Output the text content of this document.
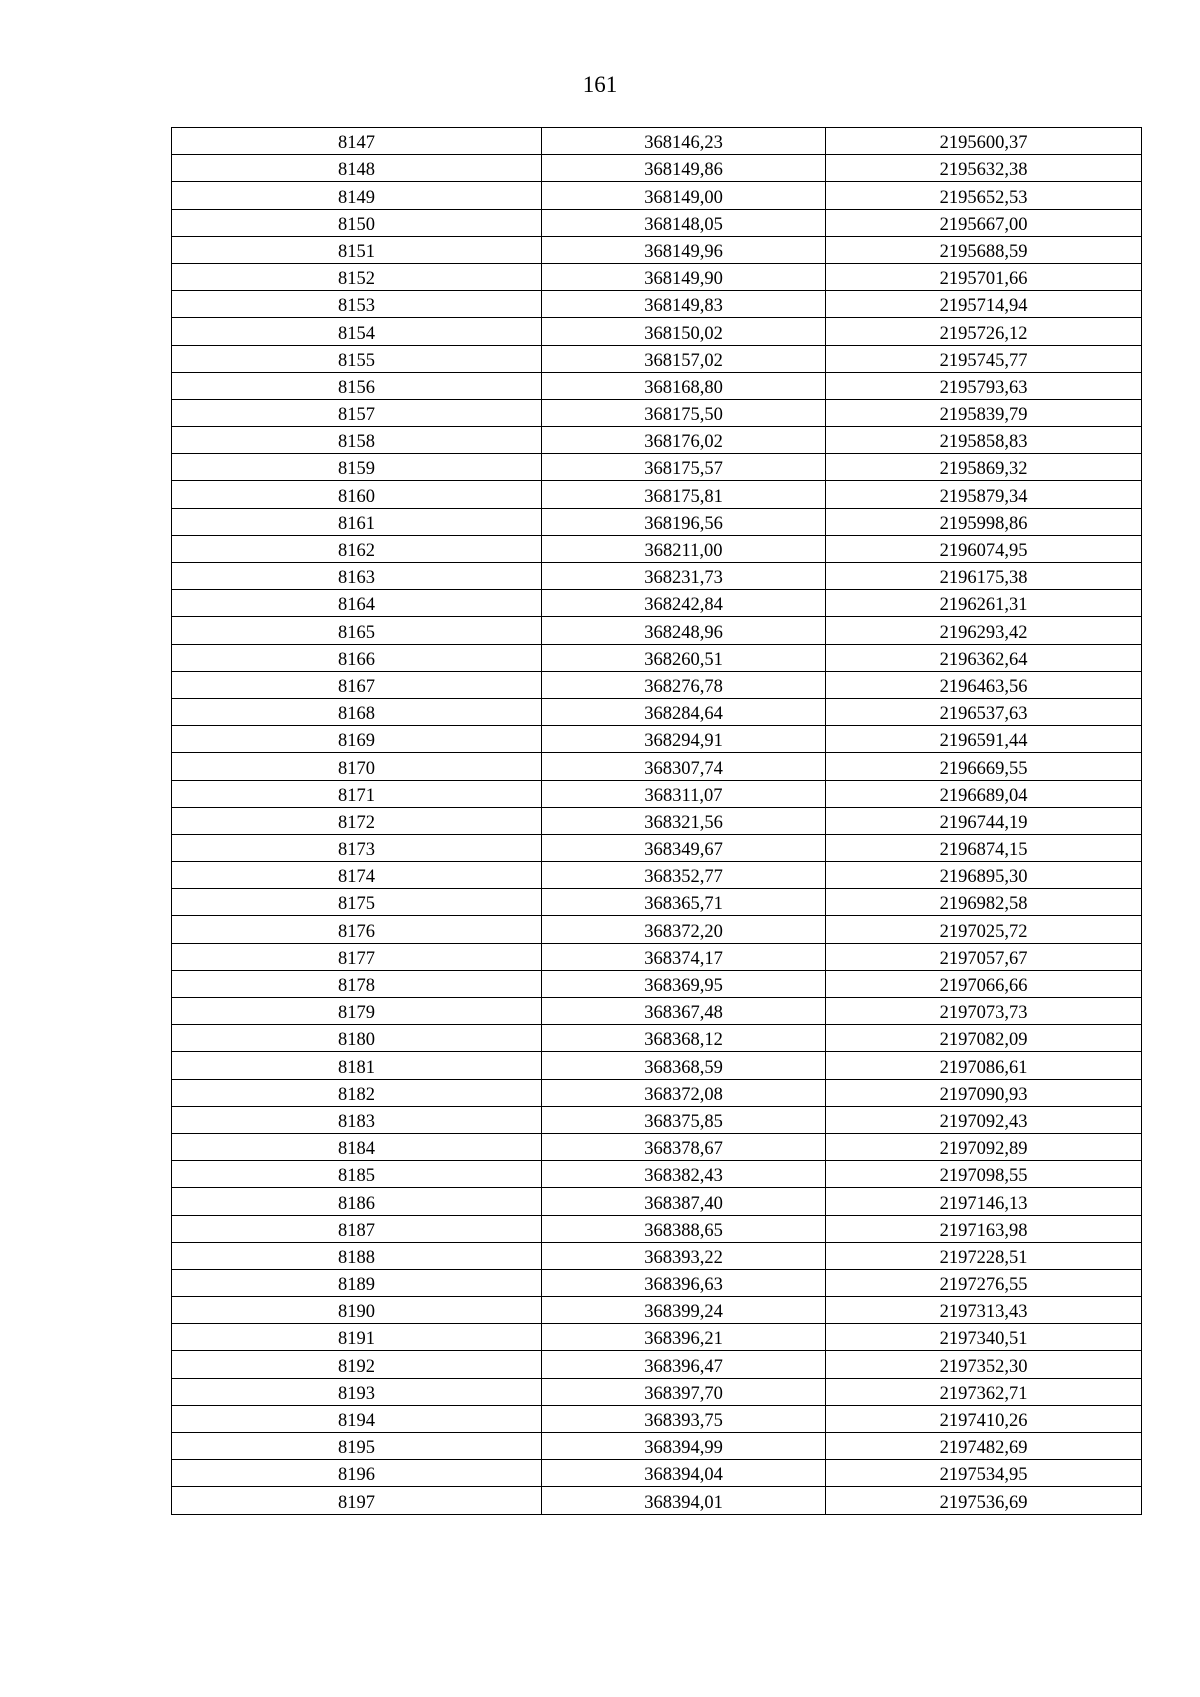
161
8147	368146,23	2195600,37
8148	368149,86	2195632,38
8149	368149,00	2195652,53
8150	368148,05	2195667,00
8151	368149,96	2195688,59
8152	368149,90	2195701,66
8153	368149,83	2195714,94
8154	368150,02	2195726,12
8155	368157,02	2195745,77
8156	368168,80	2195793,63
8157	368175,50	2195839,79
8158	368176,02	2195858,83
8159	368175,57	2195869,32
8160	368175,81	2195879,34
8161	368196,56	2195998,86
8162	368211,00	2196074,95
8163	368231,73	2196175,38
8164	368242,84	2196261,31
8165	368248,96	2196293,42
8166	368260,51	2196362,64
8167	368276,78	2196463,56
8168	368284,64	2196537,63
8169	368294,91	2196591,44
8170	368307,74	2196669,55
8171	368311,07	2196689,04
8172	368321,56	2196744,19
8173	368349,67	2196874,15
8174	368352,77	2196895,30
8175	368365,71	2196982,58
8176	368372,20	2197025,72
8177	368374,17	2197057,67
8178	368369,95	2197066,66
8179	368367,48	2197073,73
8180	368368,12	2197082,09
8181	368368,59	2197086,61
8182	368372,08	2197090,93
8183	368375,85	2197092,43
8184	368378,67	2197092,89
8185	368382,43	2197098,55
8186	368387,40	2197146,13
8187	368388,65	2197163,98
8188	368393,22	2197228,51
8189	368396,63	2197276,55
8190	368399,24	2197313,43
8191	368396,21	2197340,51
8192	368396,47	2197352,30
8193	368397,70	2197362,71
8194	368393,75	2197410,26
8195	368394,99	2197482,69
8196	368394,04	2197534,95
8197	368394,01	2197536,69
